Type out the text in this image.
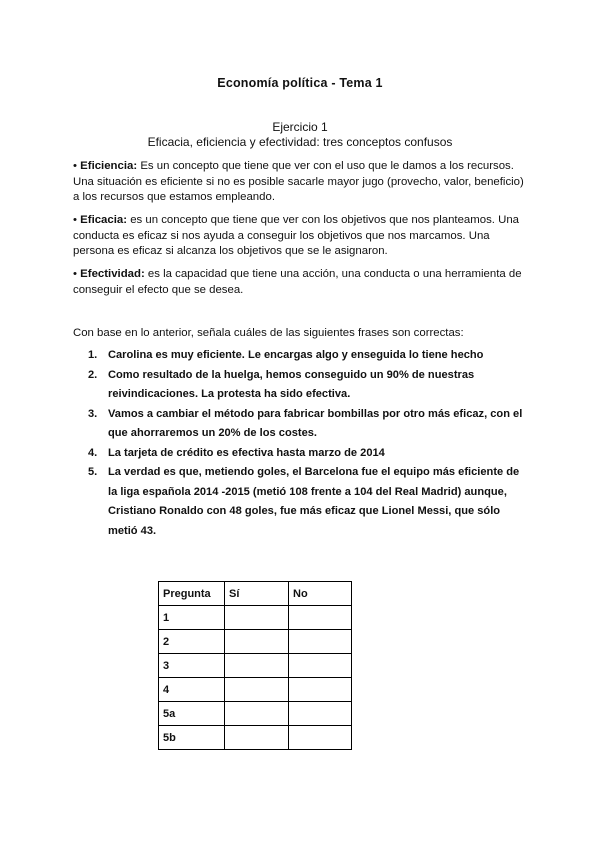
Economía política - Tema 1
Ejercicio 1
Eficacia, eficiencia y efectividad: tres conceptos confusos

• Eficiencia: Es un concepto que tiene que ver con el uso que le damos a los recursos. Una situación es eficiente si no es posible sacarle mayor jugo (provecho, valor, beneficio) a los recursos que estamos empleando.

• Eficacia: es un concepto que tiene que ver con los objetivos que nos planteamos. Una conducta es eficaz si nos ayuda a conseguir los objetivos que nos marcamos. Una persona es eficaz si alcanza los objetivos que se le asignaron.

• Efectividad: es la capacidad que tiene una acción, una conducta o una herramienta de conseguir el efecto que se desea.

Con base en lo anterior, señala cuáles de las siguientes frases son correctas:
1. Carolina es muy eficiente. Le encargas algo y enseguida lo tiene hecho
2. Como resultado de la huelga, hemos conseguido un 90% de nuestras reivindicaciones. La protesta ha sido efectiva.
3. Vamos a cambiar el método para fabricar bombillas por otro más eficaz, con el que ahorraremos un 20% de los costes.
4. La tarjeta de crédito es efectiva hasta marzo de 2014
5. La verdad es que, metiendo goles, el Barcelona fue el equipo más eficiente de la liga española 2014 -2015 (metió 108 frente a 104 del Real Madrid) aunque, Cristiano Ronaldo con 48 goles, fue más eficaz que Lionel Messi, que sólo metió 43.
Pregunta	Sí	No
1		
2		
3		
4		
5a		
5b		
